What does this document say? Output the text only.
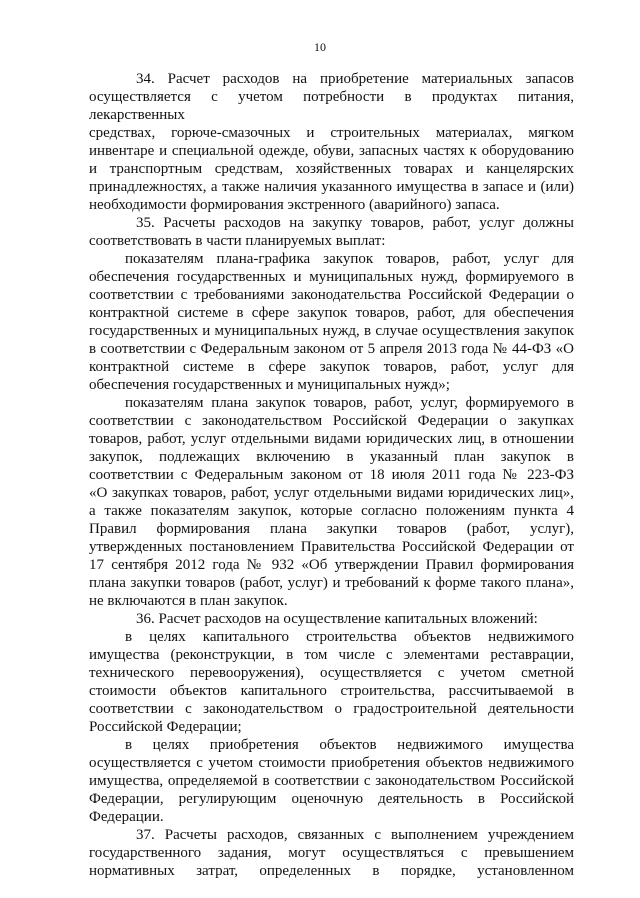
10

34. Расчет расходов на приобретение материальных запасов

осуществляется с учетом потребности в продуктах питания, лекарственных

средствах, горюче-смазочных и строительных материалах, мягком

инвентаре и специальной одежде, обуви, запасных частях к оборудованию

и транспортным средствам, хозяйственных товарах и канцелярских

принадлежностях, а также наличия указанного имущества в запасе и (или)

необходимости формирования экстренного (аварийного) запаса.

35. Расчеты расходов на закупку товаров, работ, услуг должны

соответствовать в части планируемых выплат:

показателям плана-графика закупок товаров, работ, услуг для

обеспечения государственных и муниципальных нужд, формируемого в

соответствии с требованиями законодательства Российской Федерации о

контрактной системе в сфере закупок товаров, работ, для обеспечения

государственных и муниципальных нужд, в случае осуществления закупок

в соответствии с Федеральным законом от 5 апреля 2013 года № 44-ФЗ «О

контрактной системе в сфере закупок товаров, работ, услуг для

обеспечения государственных и муниципальных нужд»;

показателям плана закупок товаров, работ, услуг, формируемого в

соответствии с законодательством Российской Федерации о закупках

товаров, работ, услуг отдельными видами юридических лиц, в отношении

закупок, подлежащих включению в указанный план закупок в

соответствии с Федеральным законом от 18 июля 2011 года № 223-ФЗ

«О закупках товаров, работ, услуг отдельными видами юридических лиц»,

а также показателям закупок, которые согласно положениям пункта 4

Правил формирования плана закупки товаров (работ, услуг),

утвержденных постановлением Правительства Российской Федерации от

17 сентября 2012 года № 932 «Об утверждении Правил формирования

плана закупки товаров (работ, услуг) и требований к форме такого плана»,

не включаются в план закупок.

36. Расчет расходов на осуществление капитальных вложений:

в целях капитального строительства объектов недвижимого

имущества (реконструкции, в том числе с элементами реставрации,

технического перевооружения), осуществляется с учетом сметной

стоимости объектов капитального строительства, рассчитываемой в

соответствии с законодательством о градостроительной деятельности

Российской Федерации;

в целях приобретения объектов недвижимого имущества

осуществляется с учетом стоимости приобретения объектов недвижимого

имущества, определяемой в соответствии с законодательством Российской

Федерации, регулирующим оценочную деятельность в Российской

Федерации.

37. Расчеты расходов, связанных с выполнением учреждением

государственного задания, могут осуществляться с превышением

нормативных затрат, определенных в порядке, установленном
